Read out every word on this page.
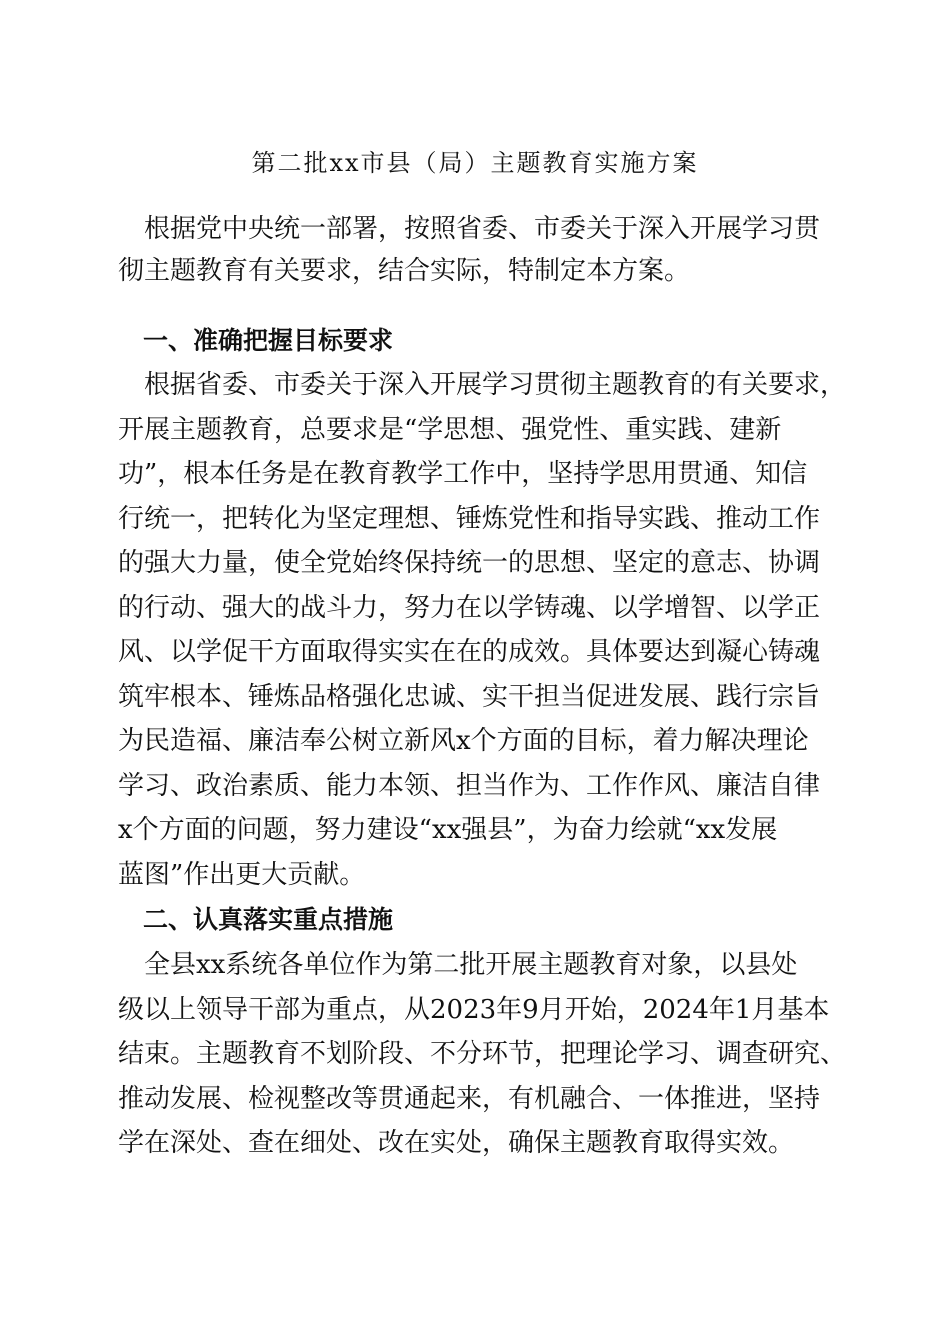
第二批xx市县（局）主题教育实施方案

　根据党中央统一部署，按照省委、市委关于深入开展学习贯

彻主题教育有关要求，结合实际，特制定本方案。

　一、准确把握目标要求

　根据省委、市委关于深入开展学习贯彻主题教育的有关要求，

开展主题教育，总要求是“学思想、强党性、重实践、建新

功”，根本任务是在教育教学工作中，坚持学思用贯通、知信

行统一，把转化为坚定理想、锤炼党性和指导实践、推动工作

的强大力量，使全党始终保持统一的思想、坚定的意志、协调

的行动、强大的战斗力，努力在以学铸魂、以学增智、以学正

风、以学促干方面取得实实在在的成效。具体要达到凝心铸魂

筑牢根本、锤炼品格强化忠诚、实干担当促进发展、践行宗旨

为民造福、廉洁奉公树立新风x个方面的目标，着力解决理论

学习、政治素质、能力本领、担当作为、工作作风、廉洁自律

x个方面的问题，努力建设“xx强县”，为奋力绘就“xx发展

蓝图”作出更大贡献。

　二、认真落实重点措施

　全县xx系统各单位作为第二批开展主题教育对象，以县处

级以上领导干部为重点，从2023年9月开始，2024年1月基本

结束。主题教育不划阶段、不分环节，把理论学习、调查研究、

推动发展、检视整改等贯通起来，有机融合、一体推进，坚持

学在深处、查在细处、改在实处，确保主题教育取得实效。
